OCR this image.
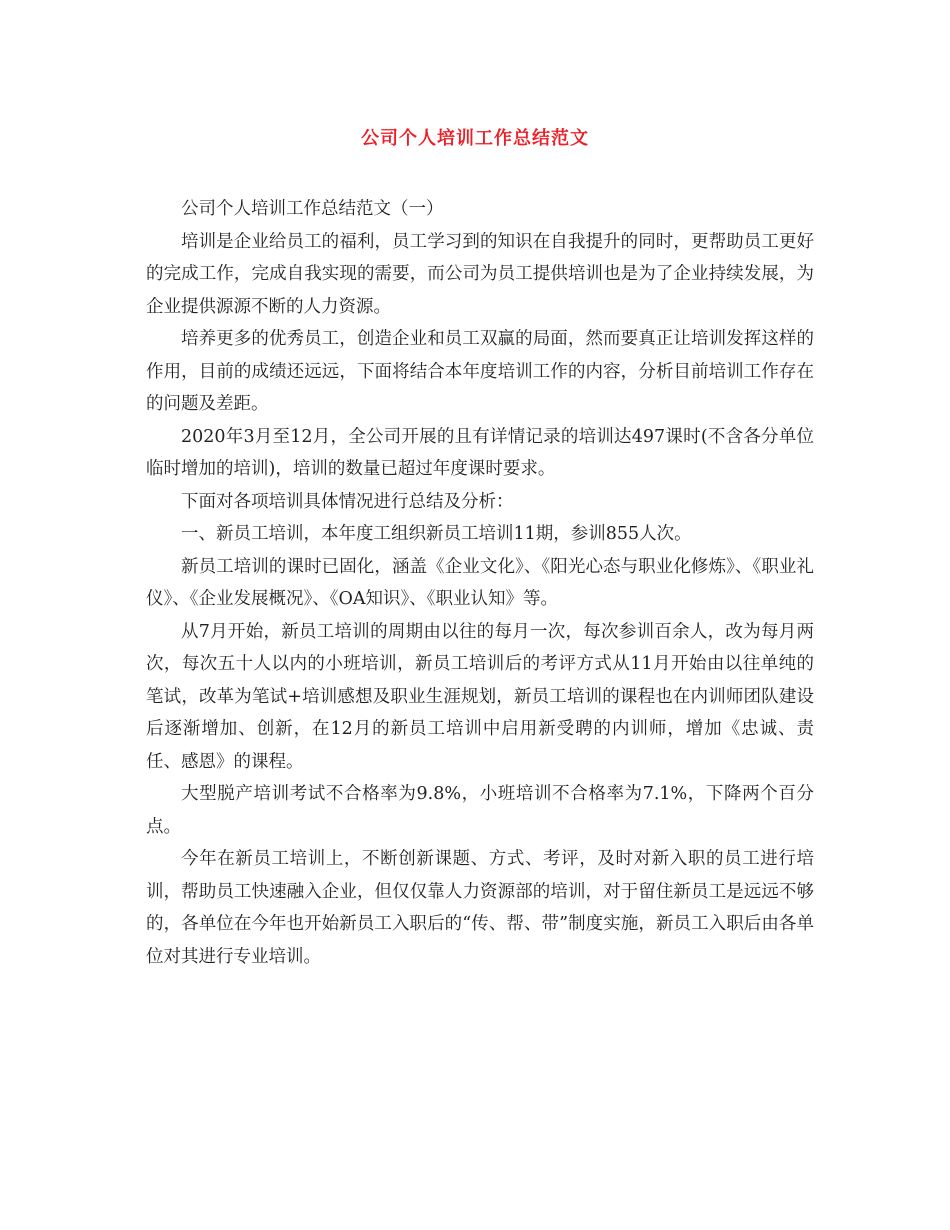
公司个人培训工作总结范文

公司个人培训工作总结范文（一）

培训是企业给员工的福利，员工学习到的知识在自我提升的同时，更帮助员工更好的完成工作，完成自我实现的需要，而公司为员工提供培训也是为了企业持续发展，为企业提供源源不断的人力资源。

培养更多的优秀员工，创造企业和员工双赢的局面，然而要真正让培训发挥这样的作用，目前的成绩还远远，下面将结合本年度培训工作的内容，分析目前培训工作存在的问题及差距。

2020年3月至12月，全公司开展的且有详情记录的培训达497课时(不含各分单位临时增加的培训)，培训的数量已超过年度课时要求。

下面对各项培训具体情况进行总结及分析：

一、新员工培训，本年度工组织新员工培训11期，参训855人次。

新员工培训的课时已固化，涵盖《企业文化》、《阳光心态与职业化修炼》、《职业礼仪》、《企业发展概况》、《OA知识》、《职业认知》等。

从7月开始，新员工培训的周期由以往的每月一次，每次参训百余人，改为每月两次，每次五十人以内的小班培训，新员工培训后的考评方式从11月开始由以往单纯的笔试，改革为笔试+培训感想及职业生涯规划，新员工培训的课程也在内训师团队建设后逐渐增加、创新，在12月的新员工培训中启用新受聘的内训师，增加《忠诚、责任、感恩》的课程。

大型脱产培训考试不合格率为9.8%，小班培训不合格率为7.1%，下降两个百分点。

今年在新员工培训上，不断创新课题、方式、考评，及时对新入职的员工进行培训，帮助员工快速融入企业，但仅仅靠人力资源部的培训，对于留住新员工是远远不够的，各单位在今年也开始新员工入职后的“传、帮、带”制度实施，新员工入职后由各单位对其进行专业培训。
